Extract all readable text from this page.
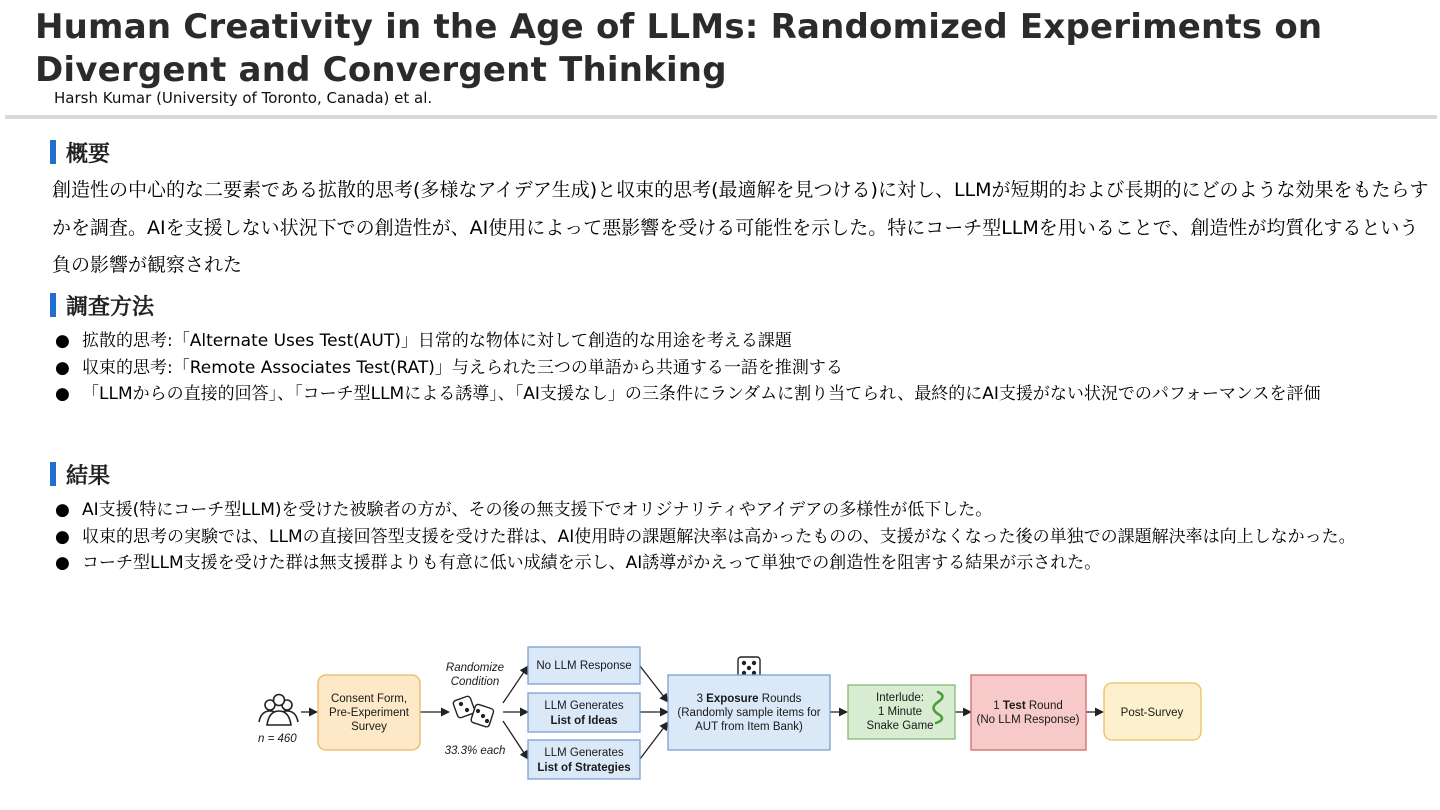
Human Creativity in the Age of LLMs: Randomized Experiments on
Divergent and Convergent Thinking
Harsh Kumar (University of Toronto, Canada) et al.
概要
創造性の中心的な二要素である拡散的思考(多様なアイデア生成)と収束的思考(最適解を見つける)に対し、LLMが短期的および長期的にどのような効果をもたらすかを調査。AIを支援しない状況下での創造性が、AI使用によって悪影響を受ける可能性を示した。特にコーチ型LLMを用いることで、創造性が均質化するという負の影響が観察された
調査方法
● 拡散的思考:「Alternate Uses Test(AUT)」日常的な物体に対して創造的な用途を考える課題
● 収束的思考:「Remote Associates Test(RAT)」与えられた三つの単語から共通する一語を推測する
● 「LLMからの直接的回答」、「コーチ型LLMによる誘導」、「AI支援なし」の三条件にランダムに割り当てられ、最終的にAI支援がない状況でのパフォーマンスを評価
結果
● AI支援(特にコーチ型LLM)を受けた被験者の方が、その後の無支援下でオリジナリティやアイデアの多様性が低下した。
● 収束的思考の実験では、LLMの直接回答型支援を受けた群は、AI使用時の課題解決率は高かったものの、支援がなくなった後の単独での課題解決率は向上しなかった。
● コーチ型LLM支援を受けた群は無支援群よりも有意に低い成績を示し、AI誘導がかえって単独での創造性を阻害する結果が示された。
n = 460
Consent Form,
Pre-Experiment
Survey
Randomize
Condition
33.3% each
No LLM Response
LLM Generates
List of Ideas
LLM Generates
List of Strategies
3 Exposure Rounds
(Randomly sample items for
AUT from Item Bank)
Interlude:
1 Minute
Snake Game
1 Test Round
(No LLM Response)
Post-Survey
